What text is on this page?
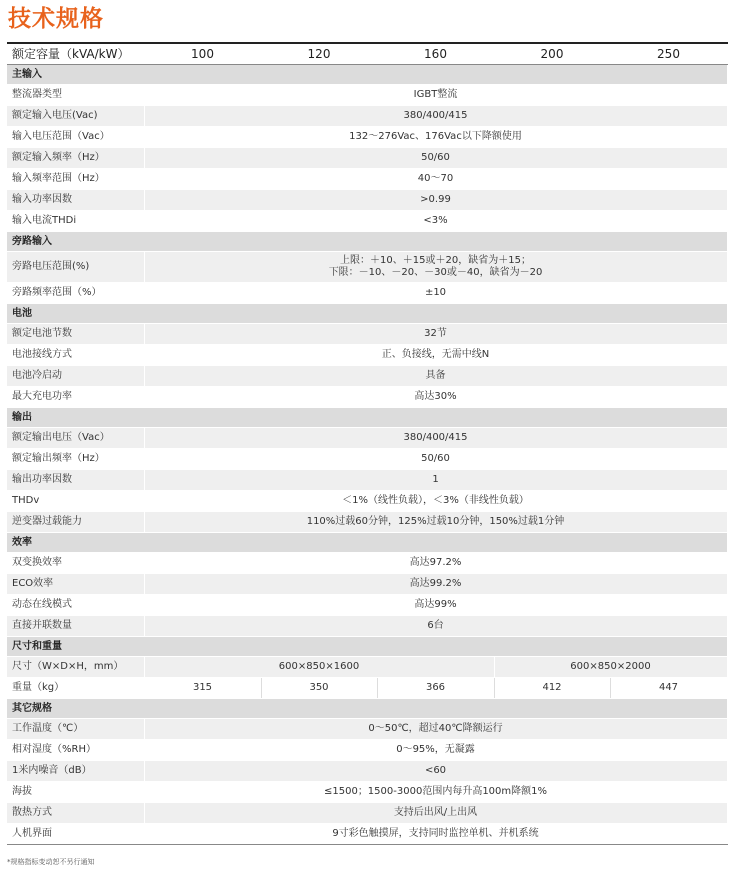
技术规格
额定容量（kVA/kW）	100	120	160	200	250
主输入					
整流器类型	IGBT整流				
额定输入电压(Vac)	380/400/415				
输入电压范围（Vac）	132～276Vac、176Vac以下降额使用				
额定输入频率（Hz）	50/60				
输入频率范围（Hz）	40～70				
输入功率因数	>0.99				
输入电流THDi	<3%				
旁路输入					
旁路电压范围(%)	上限：＋10、＋15或＋20，缺省为＋15；
下限：－10、－20、－30或－40，缺省为－20				

旁路频率范围（%）	±10				
电池					
额定电池节数	32节				
电池接线方式	正、负接线，无需中线N				
电池冷启动	具备				
最大充电功率	高达30%				
输出					
额定输出电压（Vac）	380/400/415				
额定输出频率（Hz）	50/60				
输出功率因数	1				
THDv	＜1%（线性负载），＜3%（非线性负载）				
逆变器过载能力	110%过载60分钟，125%过载10分钟，150%过载1分钟				
效率					
双变换效率	高达97.2%				
ECO效率	高达99.2%				
动态在线模式	高达99%				
直接并联数量	6台				
尺寸和重量					
尺寸（W×D×H，mm）	600×850×1600			600×850×2000	
重量（kg）	315	350	366	412	447
其它规格					
工作温度（℃）	0～50℃，超过40℃降额运行				
相对湿度（%RH）	0～95%，无凝露				
1米内噪音（dB）	<60				
海拔	≤1500；1500-3000范围内每升高100m降额1%				
散热方式	支持后出风/上出风				
人机界面	9寸彩色触摸屏，支持同时监控单机、并机系统				
*规格指标变动恕不另行通知
